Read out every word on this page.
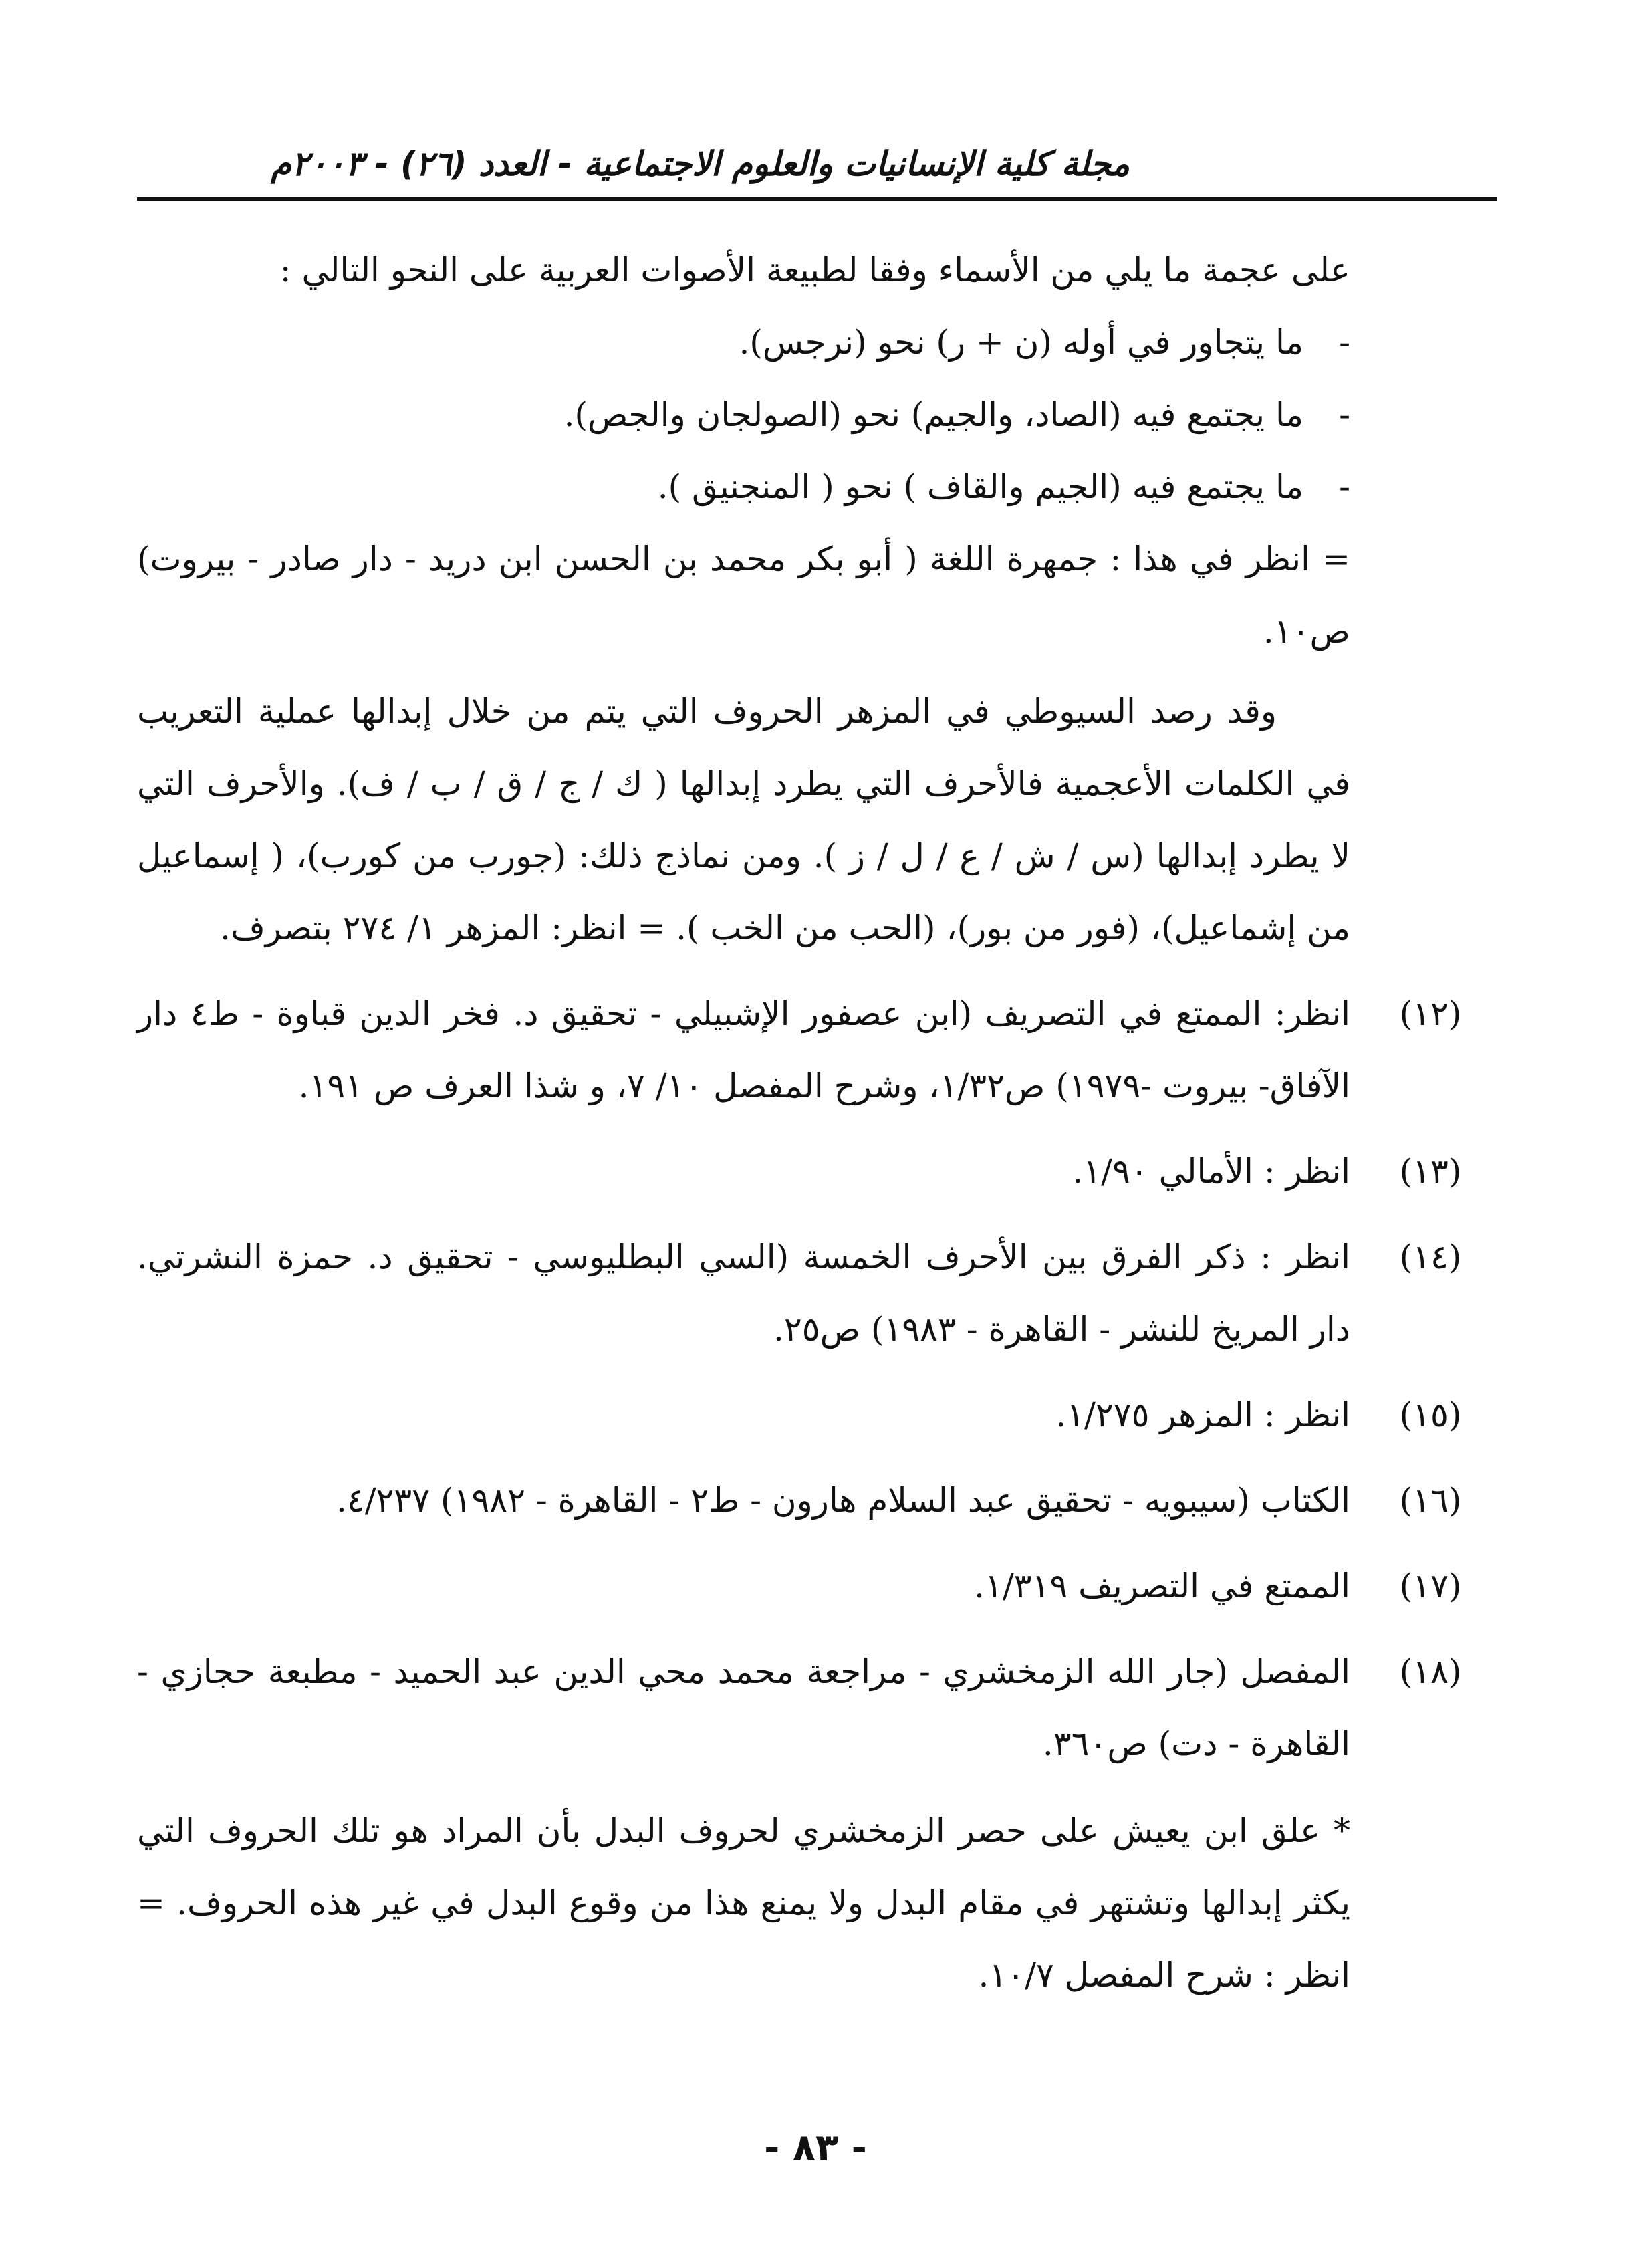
مجلة كلية الإنسانيات والعلوم الاجتماعية - العدد (٢٦) - ٢٠٠٣م

على عجمة ما يلي من الأسماء وفقا لطبيعة الأصوات العربية على النحو التالي :

-ما يتجاور في أوله (ن + ر) نحو (نرجس).

-ما يجتمع فيه (الصاد، والجيم) نحو (الصولجان والجص).

-ما يجتمع فيه (الجيم والقاف ) نحو ( المنجنيق ).

= انظر في هذا : جمهرة اللغة ( أبو بكر محمد بن الحسن ابن دريد - دار صادر - بيروت) ص١٠.

وقد رصد السيوطي في المزهر الحروف التي يتم من خلال إبدالها عملية التعريب في الكلمات الأعجمية فالأحرف التي يطرد إبدالها ( ك / ج / ق / ب / ف). والأحرف التي لا يطرد إبدالها (س / ش / ع / ل / ز ). ومن نماذج ذلك: (جورب من كورب)، ( إسماعيل من إشماعيل)، (فور من بور)، (الحب من الخب ). = انظر: المزهر ١/ ٢٧٤ بتصرف.

(١٢)
انظر: الممتع في التصريف (ابن عصفور الإشبيلي - تحقيق د. فخر الدين قباوة - ط٤ دار الآفاق- بيروت -١٩٧٩) ص١/٣٢، وشرح المفصل ١٠/ ٧، و شذا العرف ص ١٩١.
(١٣)
انظر : الأمالي ١/٩٠.
(١٤)
انظر : ذكر الفرق بين الأحرف الخمسة (السي البطليوسي - تحقيق د. حمزة النشرتي. دار المريخ للنشر - القاهرة - ١٩٨٣) ص٢٥.
(١٥)
انظر : المزهر ١/٢٧٥.
(١٦)
الكتاب (سيبويه - تحقيق عبد السلام هارون - ط٢ - القاهرة - ١٩٨٢) ٤/٢٣٧.
(١٧)
الممتع في التصريف ١/٣١٩.
(١٨)
المفصل (جار الله الزمخشري - مراجعة محمد محي الدين عبد الحميد - مطبعة حجازي - القاهرة - دت) ص٣٦٠.

* علق ابن يعيش على حصر الزمخشري لحروف البدل بأن المراد هو تلك الحروف التي يكثر إبدالها وتشتهر في مقام البدل ولا يمنع هذا من وقوع البدل في غير هذه الحروف. = انظر : شرح المفصل ١٠/٧.

- ٨٣ -
